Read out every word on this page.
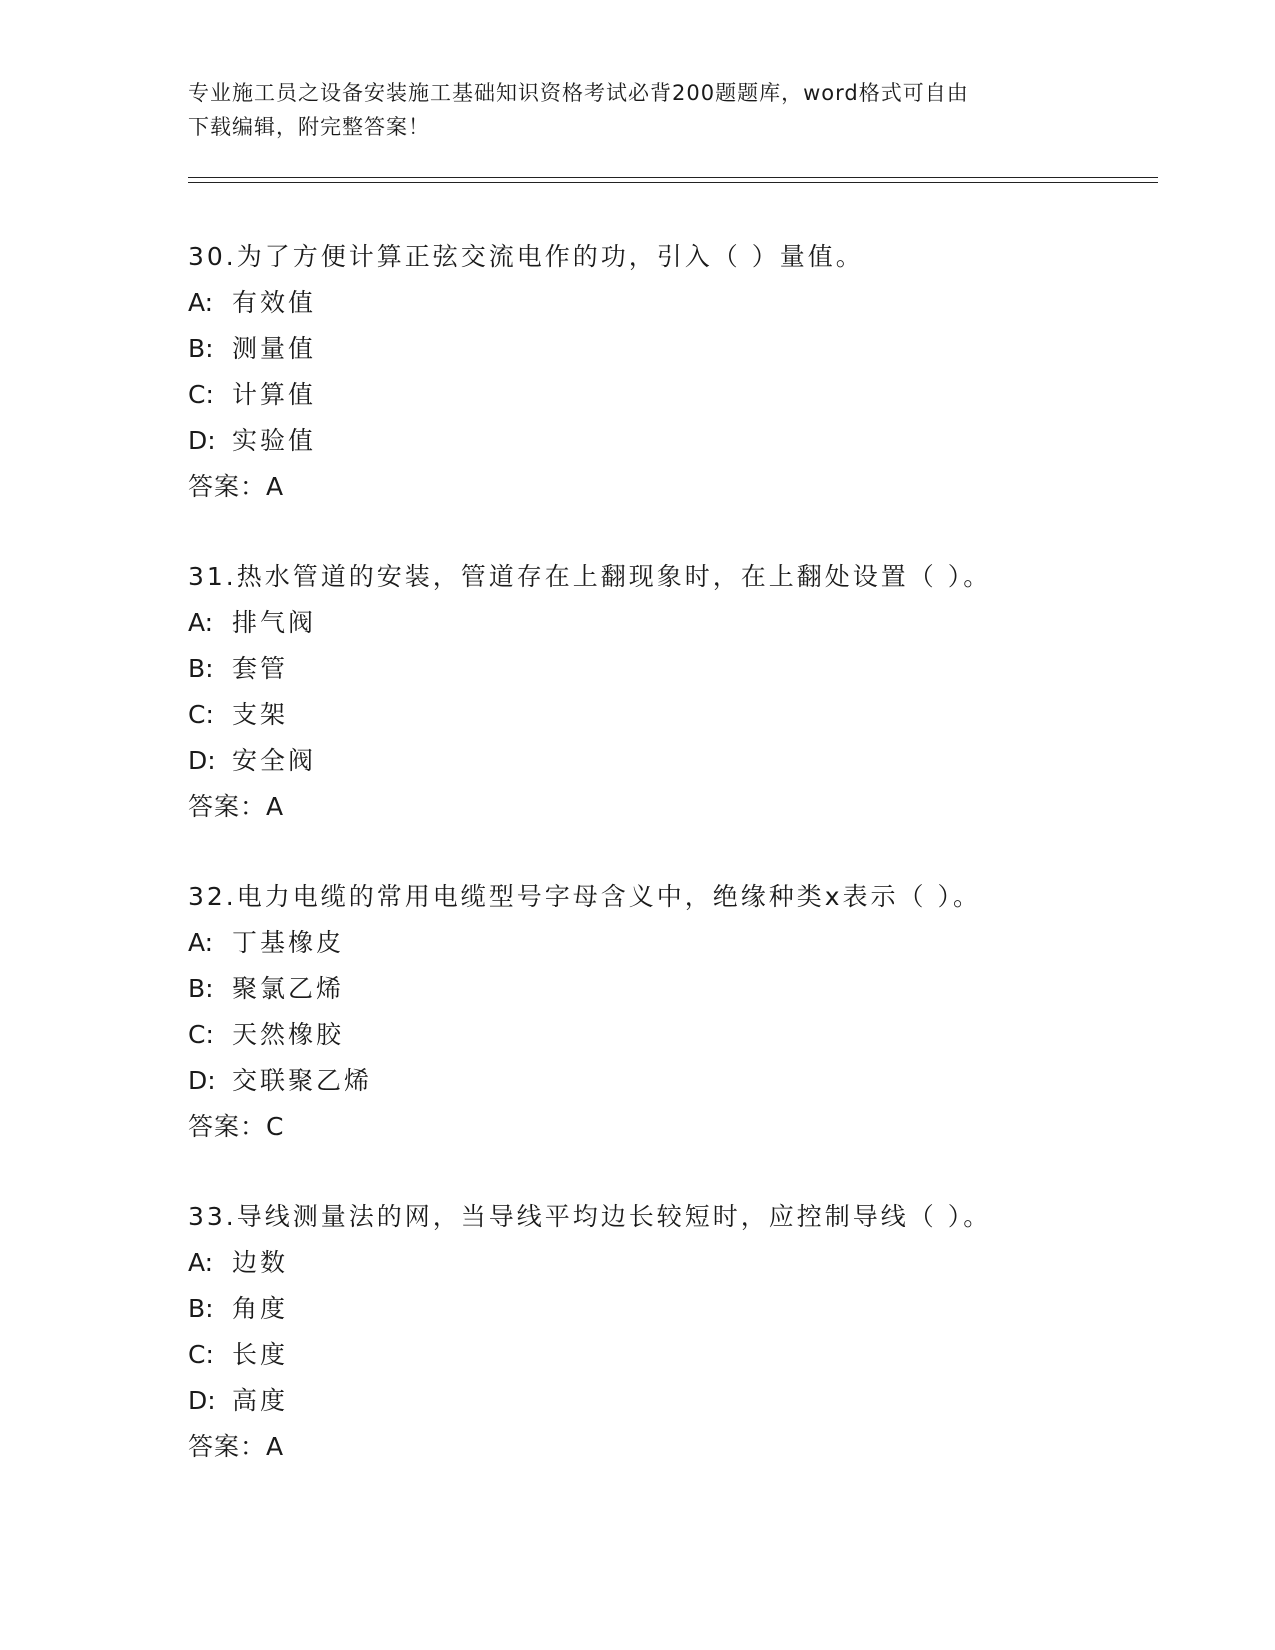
专业施工员之设备安装施工基础知识资格考试必背200题题库，word格式可自由
下载编辑，附完整答案！
30.为了方便计算正弦交流电作的功，引入（ ）量值。
A: 有效值
B: 测量值
C: 计算值
D: 实验值
答案：A
31.热水管道的安装，管道存在上翻现象时，在上翻处设置（ ）。
A: 排气阀
B: 套管
C: 支架
D: 安全阀
答案：A
32.电力电缆的常用电缆型号字母含义中，绝缘种类x表示（ ）。
A: 丁基橡皮
B: 聚氯乙烯
C: 天然橡胶
D: 交联聚乙烯
答案：C
33.导线测量法的网，当导线平均边长较短时，应控制导线（ ）。
A: 边数
B: 角度
C: 长度
D: 高度
答案：A
